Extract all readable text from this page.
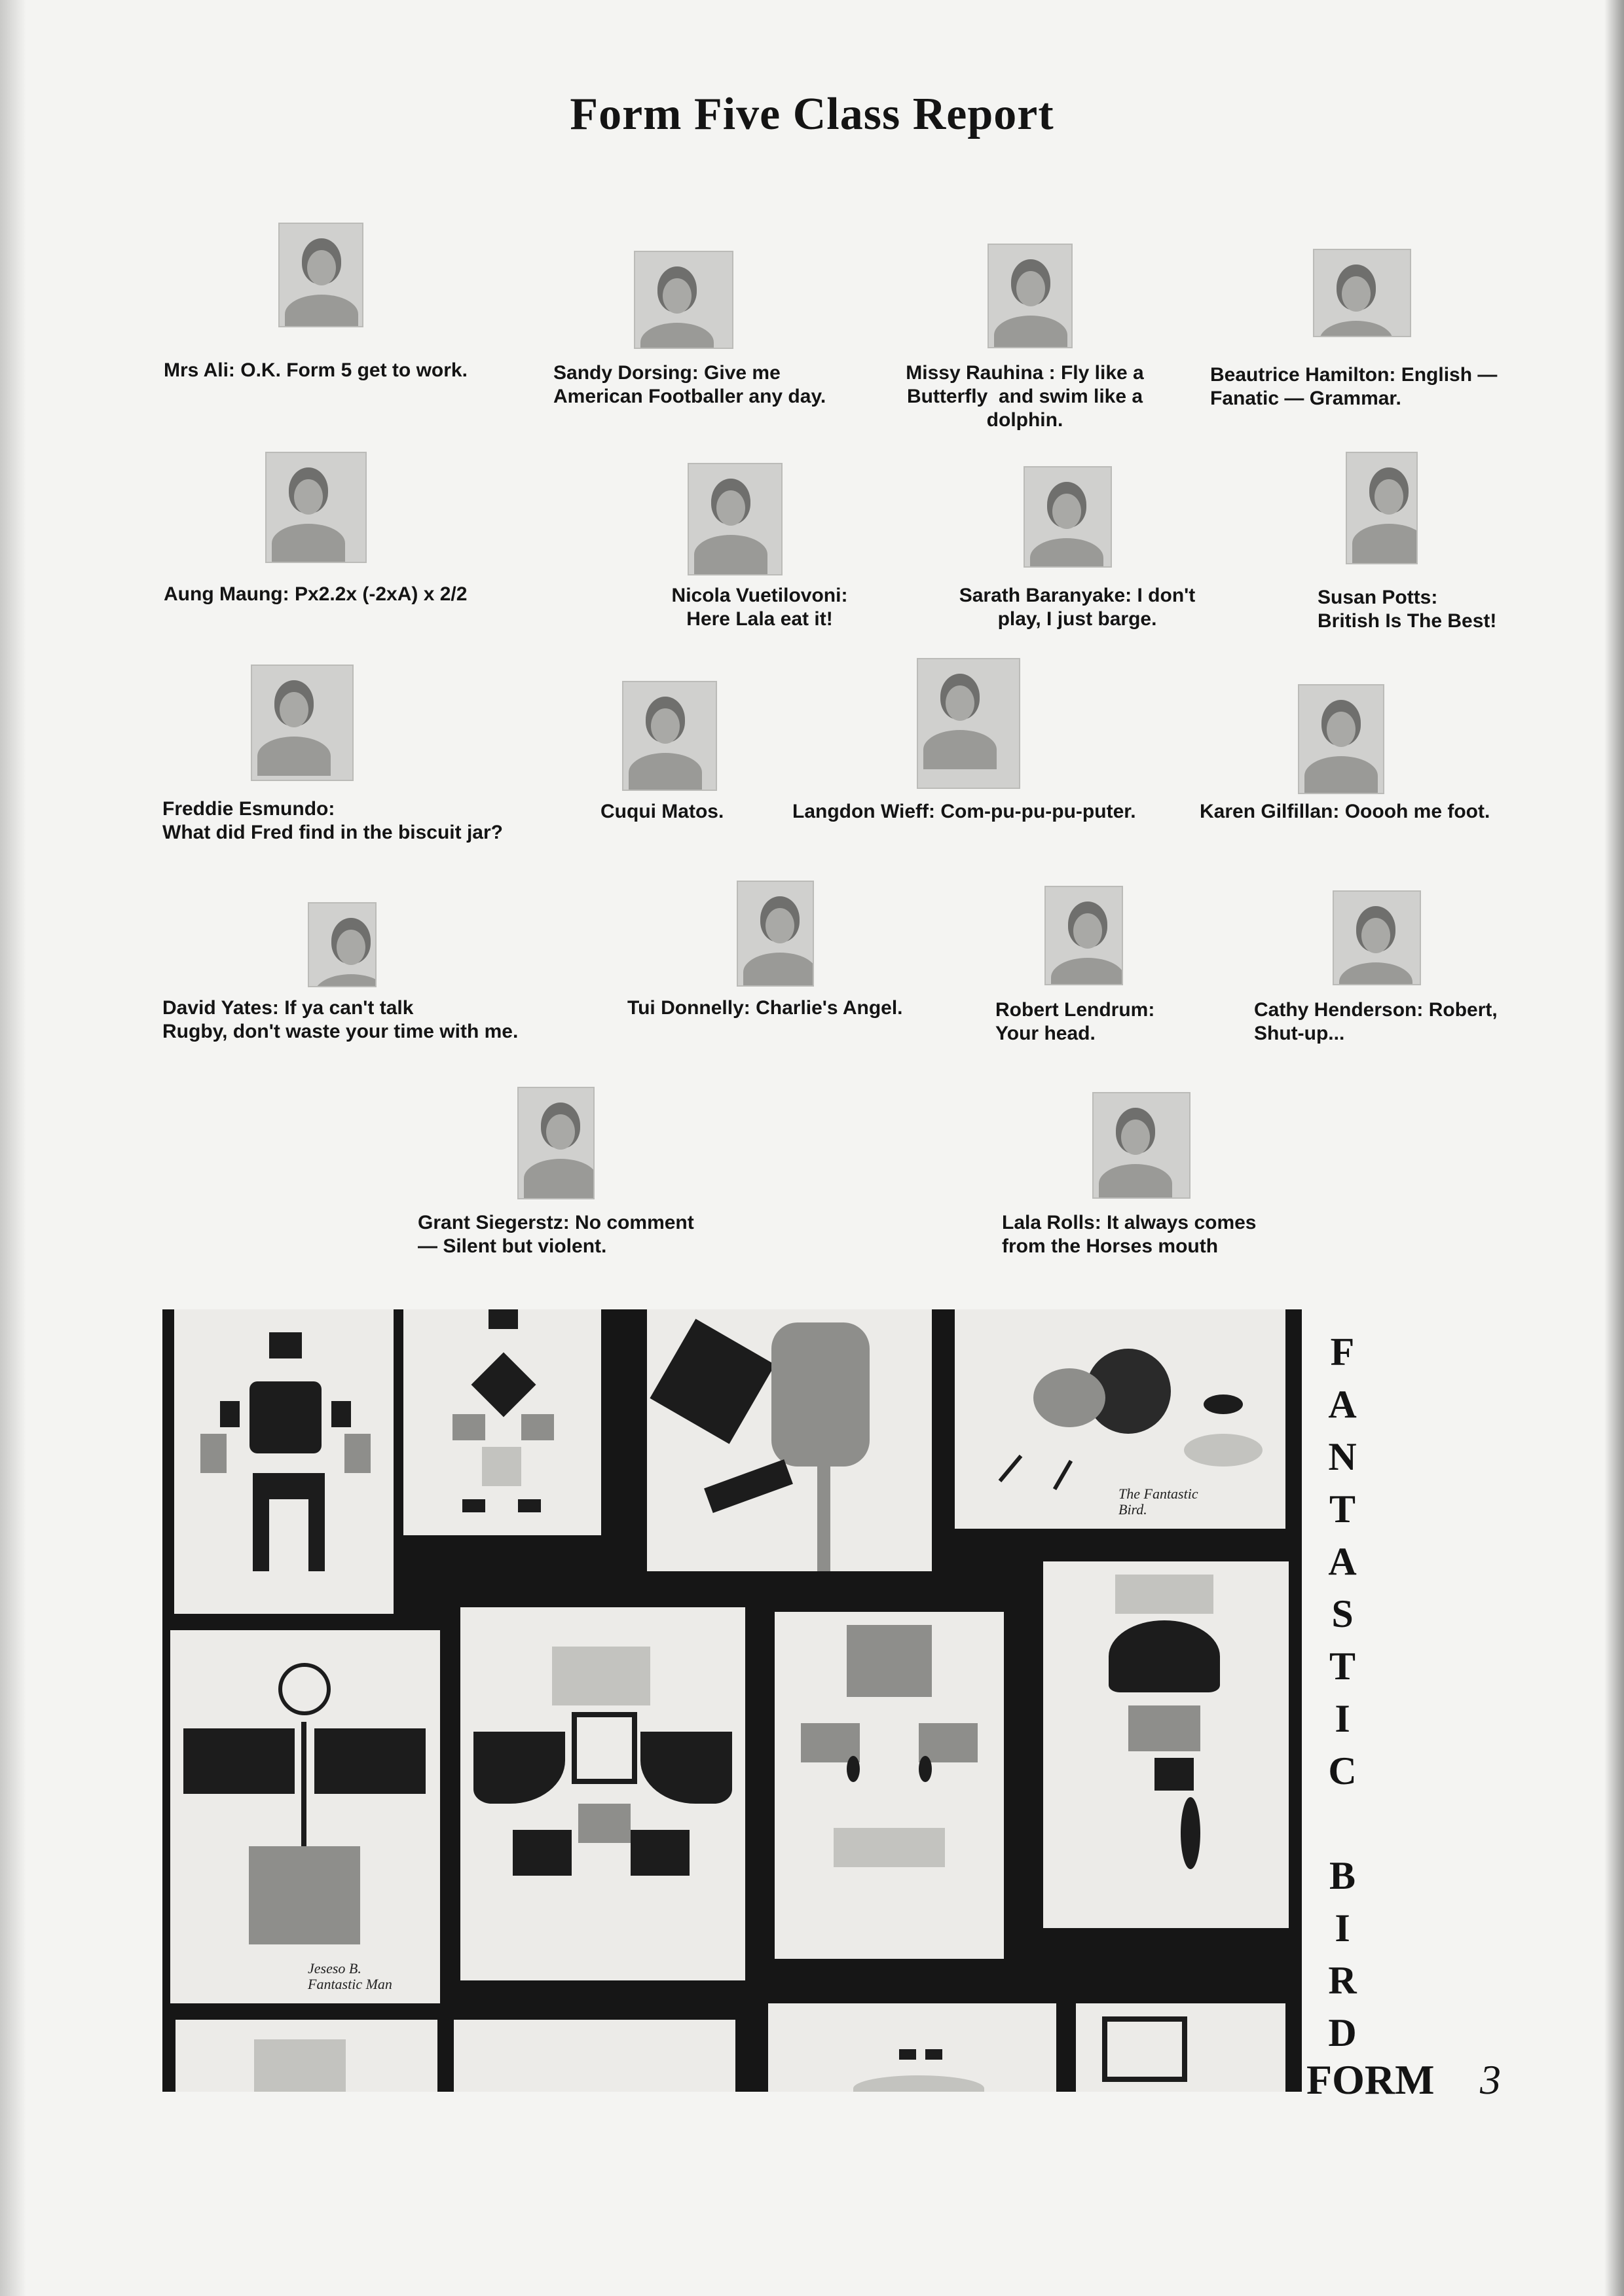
Form Five Class Report
Mrs Ali: O.K. Form 5 get to work.	Sandy Dorsing: Give me
American Footballer any day.
Missy Rauhina : Fly like a
Butterfly  and swim like a
dolphin.
Beautrice Hamilton: English —
Fanatic — Grammar.
Aung Maung: Px2.2x (-2xA) x 2/2	Nicola Vuetilovoni:
Here Lala eat it!
Sarath Baranyake: I don't
play, I just barge.
Susan Potts:
British Is The Best!
Freddie Esmundo:
What did Fred find in the biscuit jar?
Cuqui Matos.	Langdon Wieff: Com-pu-pu-pu-puter.	Karen Gilfillan: Ooooh me foot.
David Yates: If ya can't talk
Rugby, don't waste your time with me.
Tui Donnelly: Charlie's Angel.	Robert Lendrum:
Your head.
Cathy Henderson: Robert,
Shut-up...
Grant Siegerstz: No comment
— Silent but violent.
Lala Rolls: It always comes
from the Horses mouth
The Fantastic
Bird.
Jeseso B.
Fantastic Man
F
A
N
T
A
S
T
I
C
B
I
R
D
FORM 3
